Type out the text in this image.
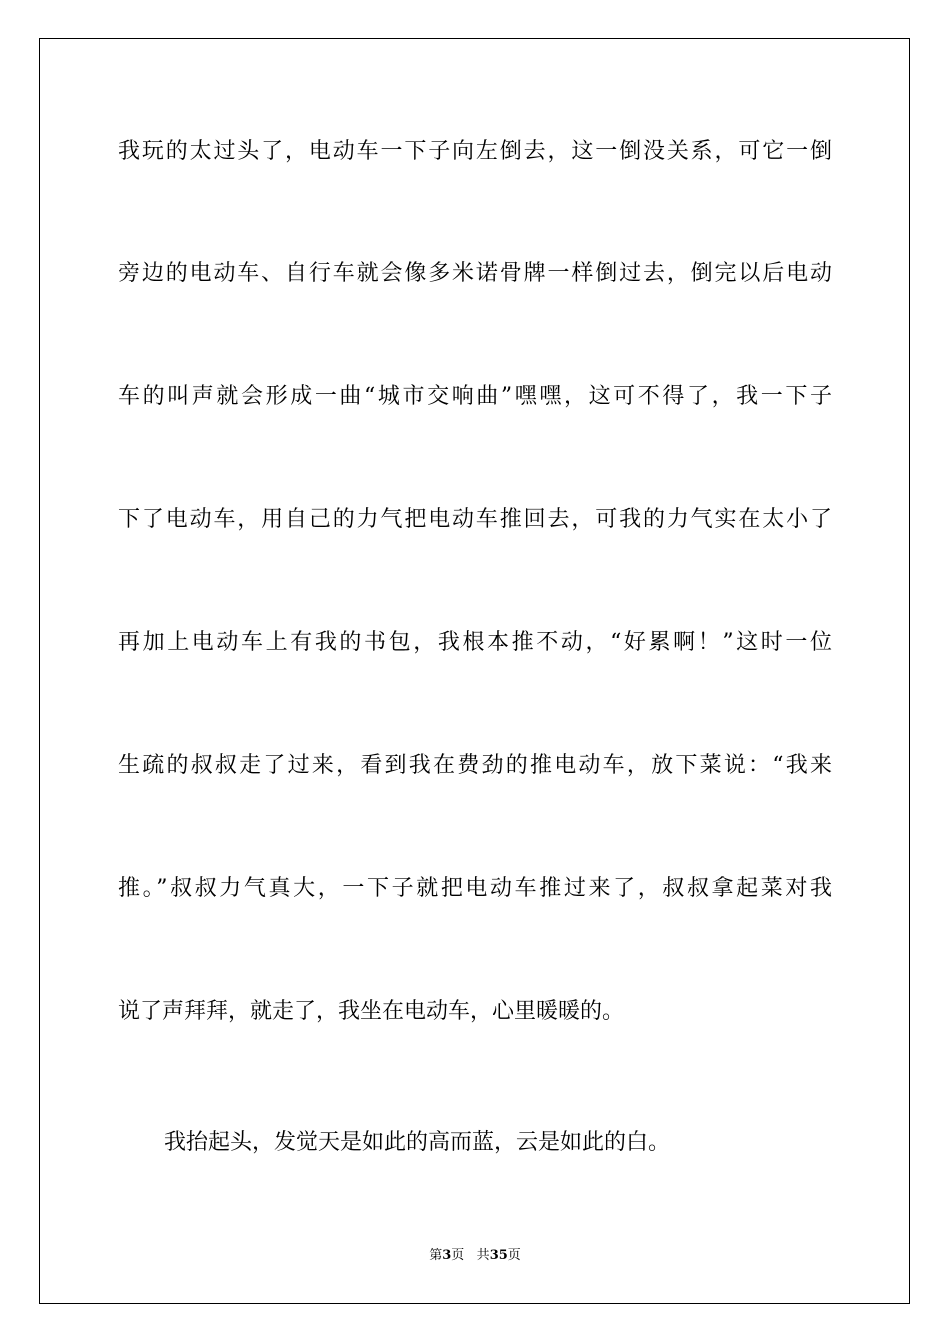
我玩的太过头了，电动车一下子向左倒去，这一倒没关系，可它一倒
旁边的电动车、自行车就会像多米诺骨牌一样倒过去，倒完以后电动
车的叫声就会形成一曲“城市交响曲”嘿嘿，这可不得了，我一下子
下了电动车，用自己的力气把电动车推回去，可我的力气实在太小了
再加上电动车上有我的书包，我根本推不动，“好累啊！”这时一位
生疏的叔叔走了过来，看到我在费劲的推电动车，放下菜说：“我来
推。”叔叔力气真大，一下子就把电动车推过来了，叔叔拿起菜对我
说了声拜拜，就走了，我坐在电动车，心里暖暖的。
我抬起头，发觉天是如此的高而蓝，云是如此的白。
第3页 共35页
